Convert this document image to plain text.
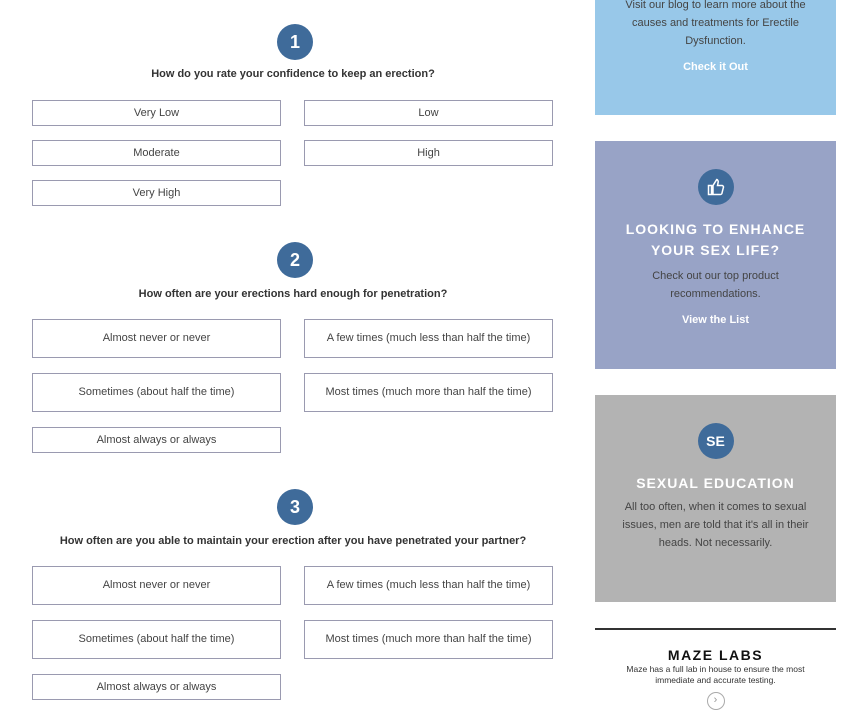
1
How do you rate your confidence to keep an erection?
Very Low	Low
Moderate	High
Very High
2
How often are your erections hard enough for penetration?
Almost never or never	A few times (much less than half the time)
Sometimes (about half the time)	Most times (much more than half the time)
Almost always or always
3
How often are you able to maintain your erection after you have penetrated your partner?
Almost never or never	A few times (much less than half the time)
Sometimes (about half the time)	Most times (much more than half the time)
Almost always or always

Visit our blog to learn more about the causes and treatments for Erectile Dysfunction.

Check it Out
LOOKING TO ENHANCE YOUR SEX LIFE?

Check out our top product recommendations.

View the List
SE
SEXUAL EDUCATION

All too often, when it comes to sexual issues, men are told that it's all in their heads. Not necessarily.

MAZE LABS

Maze has a full lab in house to ensure the most immediate and accurate testing.

›
